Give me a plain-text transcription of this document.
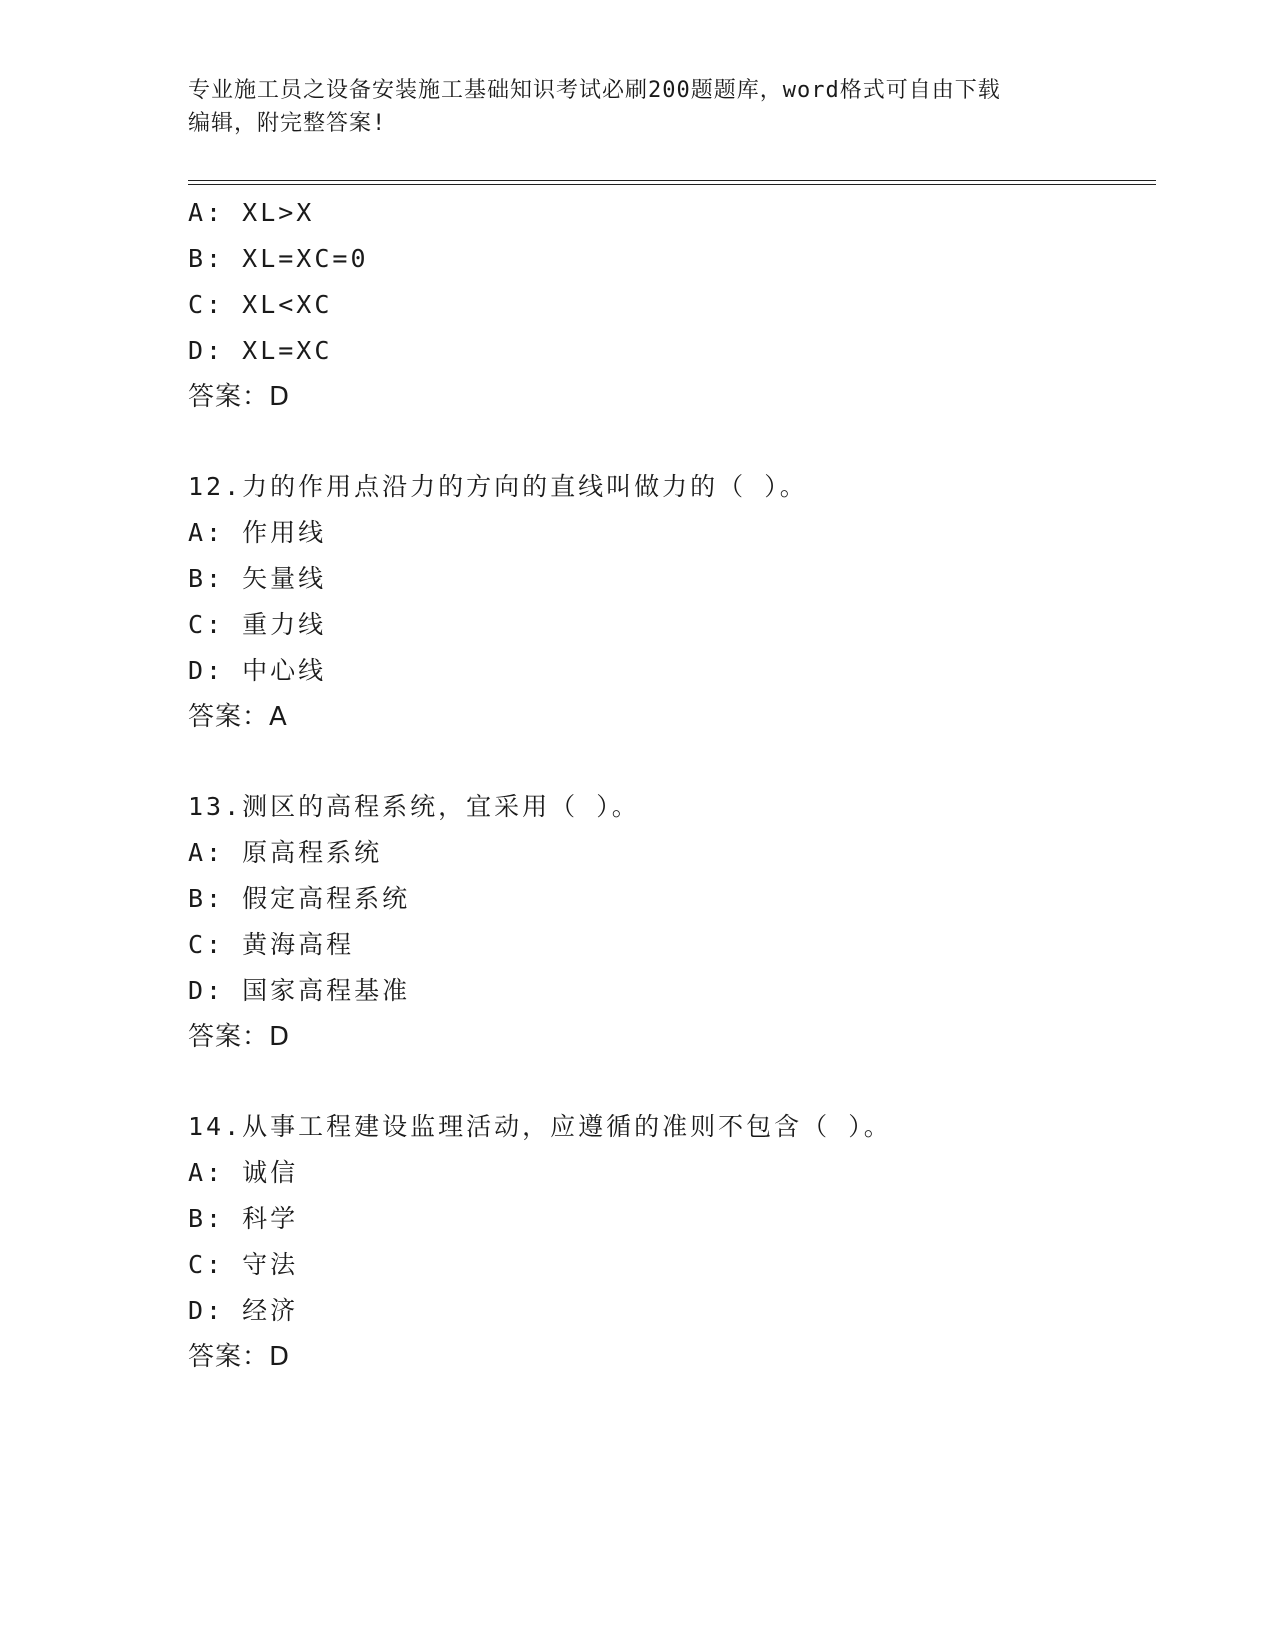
专业施工员之设备安装施工基础知识考试必刷200题题库，word格式可自由下载
编辑，附完整答案!
A: XL>X
B: XL=XC=0
C: XL<XC
D: XL=XC
答案：D
12.力的作用点沿力的方向的直线叫做力的（ ）。
A: 作用线
B: 矢量线
C: 重力线
D: 中心线
答案：A
13.测区的高程系统，宜采用（ ）。
A: 原高程系统
B: 假定高程系统
C: 黄海高程
D: 国家高程基准
答案：D
14.从事工程建设监理活动，应遵循的准则不包含（ ）。
A: 诚信
B: 科学
C: 守法
D: 经济
答案：D
